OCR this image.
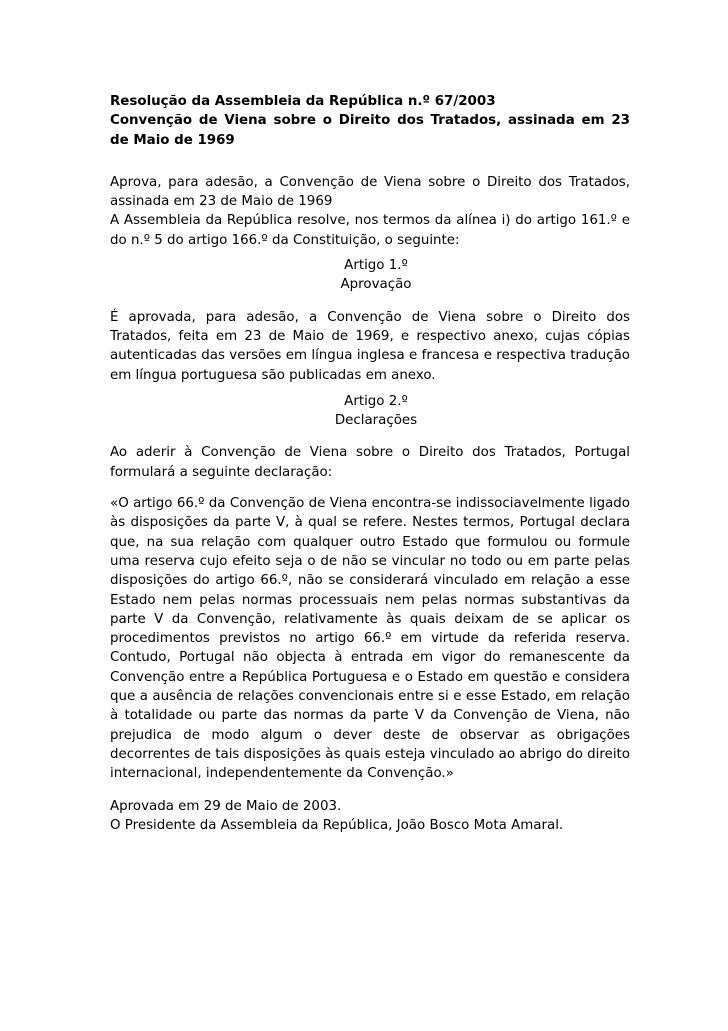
Resolução da Assembleia da República n.º 67/2003
Convenção de Viena sobre o Direito dos Tratados, assinada em 23 de Maio de 1969

Aprova, para adesão, a Convenção de Viena sobre o Direito dos Tratados, assinada em 23 de Maio de 1969
A Assembleia da República resolve, nos termos da alínea i) do artigo 161.º e do n.º 5 do artigo 166.º da Constituição, o seguinte:

Artigo 1.º
Aprovação

É aprovada, para adesão, a Convenção de Viena sobre o Direito dos Tratados, feita em 23 de Maio de 1969, e respectivo anexo, cujas cópias autenticadas das versões em língua inglesa e francesa e respectiva tradução em língua portuguesa são publicadas em anexo.

Artigo 2.º
Declarações

Ao aderir à Convenção de Viena sobre o Direito dos Tratados, Portugal formulará a seguinte declaração:

«O artigo 66.º da Convenção de Viena encontra-se indissociavelmente ligado às disposições da parte V, à qual se refere. Nestes termos, Portugal declara que, na sua relação com qualquer outro Estado que formulou ou formule uma reserva cujo efeito seja o de não se vincular no todo ou em parte pelas disposições do artigo 66.º, não se considerará vinculado em relação a esse Estado nem pelas normas processuais nem pelas normas substantivas da parte V da Convenção, relativamente às quais deixam de se aplicar os procedimentos previstos no artigo 66.º em virtude da referida reserva. Contudo, Portugal não objecta à entrada em vigor do remanescente da Convenção entre a República Portuguesa e o Estado em questão e considera que a ausência de relações convencionais entre si e esse Estado, em relação à totalidade ou parte das normas da parte V da Convenção de Viena, não prejudica de modo algum o dever deste de observar as obrigações decorrentes de tais disposições às quais esteja vinculado ao abrigo do direito internacional, independentemente da Convenção.»

Aprovada em 29 de Maio de 2003.
O Presidente da Assembleia da República, João Bosco Mota Amaral.
